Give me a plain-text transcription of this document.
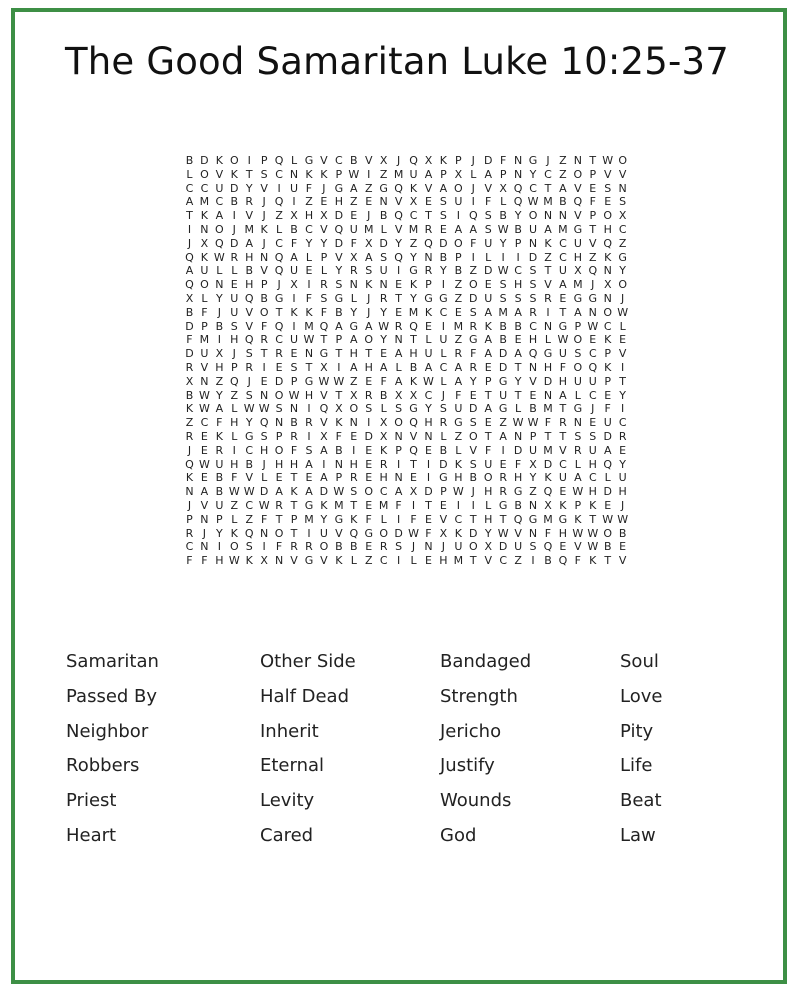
The Good Samaritan Luke 10:25-37
B D K O I P Q L G V C B V X J Q X K P J D F N G J Z N T W O
L O V K T S C N K K P W I Z M U A P X L A P N Y C Z O P V V
C C U D Y V I U F J G A Z G Q K V A O J V X Q C T A V E S N
A M C B R J Q I Z E H Z E N V X E S U I F L Q W M B Q F E S
T K A I V J Z X H X D E J B Q C T S I Q S B Y O N N V P O X
I N O J M K L B C V Q U M L V M R E A A S W B U A M G T H C
J X Q D A J C F Y Y D F X D Y Z Q D O F U Y P N K C U V Q Z
Q K W R H N Q A L P V X A S Q Y N B P I L I	I D Z C H Z K G
A U L L B V Q U E L Y R S U I G R Y B Z D W C S T U X Q N Y
Q O N E H P J X I R S N K N E K P I Z O E S H S V A M J X O
X L Y U Q B G I F S G L J R T Y G G Z D U S S S R E G G N J
B F J U V O T K K F B Y J Y E M K C E S A M A R I T A N O W
D P B S V F Q I M Q A G A W R Q E I M R K B B C N G P W C L
F M I H Q R C U W T P A O Y N T L U Z G A B E H L W O E K E
D U X J S T R E N G T H T E A H U L R F A D A Q G U S C P V
R V H P R I E S T X I A H A L B A C A R E D T N H F O Q K I
X N Z Q J E D P G W W Z E F A K W L A Y P G Y V D H U U P T
B W Y Z S N O W H V T X R B X X C J F E T U T E N A L C E Y
K W A L W W S N I Q X O S L S G Y S U D A G L B M T G J F I
Z C F H Y Q N B R V K N I X O Q H R G S E Z W W F R N E U C
R E K L G S P R I X F E D X N V N L Z O T A N P T T S S D R
J E R I C H O F S A B I E K P Q E B L V F I D U M V R U A E
Q W U H B J H H A I N H E R I T I D K S U E F X D C L H Q Y
K E B F V L E T E A P R E H N E I G H B O R H Y K U A C L U
N A B W W D A K A D W S O C A X D P W J H R G Z Q E W H D H
J V U Z C W R T G K M T E M F I T E I	I L G B N X K P K E J
P N P L Z F T P M Y G K F L I F E V C T H T Q G M G K T W W
R J Y K Q N O T I U V Q G O D W F X K D Y W V N F H W W O B
C N I O S I F R R O B B E R S J N J U O X D U S Q E V W B E
F F H W K X N V G V K L Z C I L E H M T V C Z I B Q F K T V
Samaritan
Passed By
Neighbor
Robbers
Priest
Heart
Other Side
Half Dead
Inherit
Eternal
Levity
Cared
Bandaged
Strength
Jericho
Justify
Wounds
God
Soul
Love
Pity
Life
Beat
Law
